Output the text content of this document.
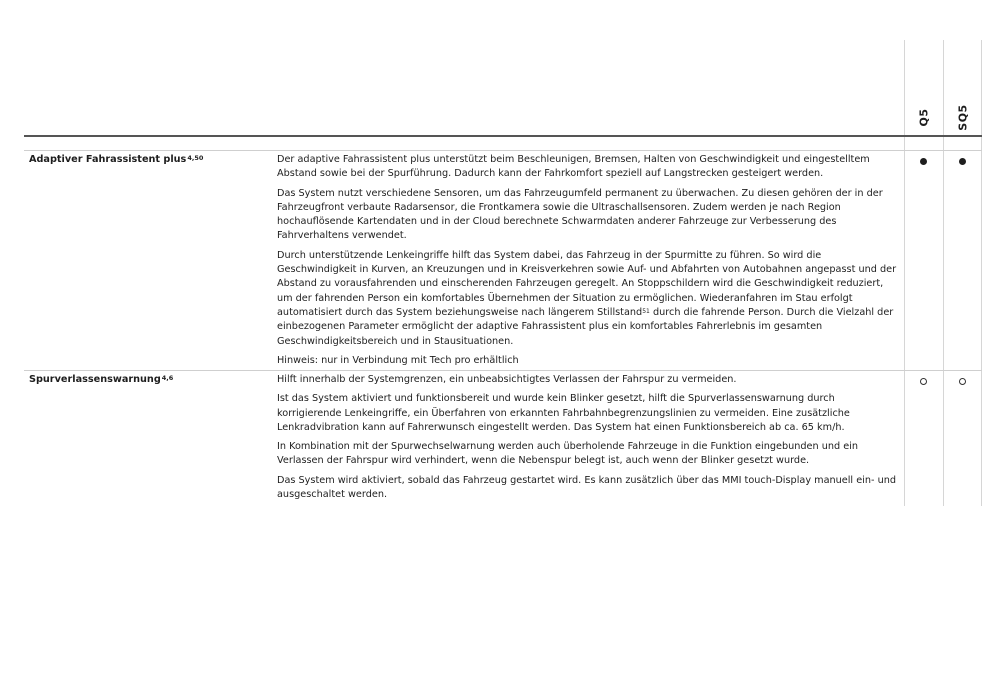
Q5 SQ5
Adaptiver Fahrassistent plus$^{4,50}$	Der adaptive Fahrassistent plus unterstützt beim Beschleunigen, Bremsen, Halten von Geschwindigkeit und eingestelltem Abstand sowie bei der Spurführung. Dadurch kann der Fahrkomfort speziell auf Langstrecken gesteigert werden.

Das System nutzt verschiedene Sensoren, um das Fahrzeugumfeld permanent zu überwachen. Zu diesen gehören der in der Fahrzeugfront verbaute Radarsensor, die Frontkamera sowie die Ultraschallsensoren. Zudem werden je nach Region hochauflösende Kartendaten und in der Cloud berechnete Schwarmdaten anderer Fahrzeuge zur Verbesserung des Fahrverhaltens verwendet.

Durch unterstützende Lenkeingriffe hilft das System dabei, das Fahrzeug in der Spurmitte zu führen. So wird die Geschwindigkeit in Kurven, an Kreuzungen und in Kreisverkehren sowie Auf- und Abfahrten von Autobahnen angepasst und der Abstand zu vorausfahrenden und einscherenden Fahrzeugen geregelt. An Stoppschildern wird die Geschwindigkeit reduziert, um der fahrenden Person ein komfortables Übernehmen der Situation zu ermöglichen. Wiederanfahren im Stau erfolgt automatisiert durch das System beziehungsweise nach längerem Stillstand$^{51}$ durch die fahrende Person. Durch die Vielzahl der einbezogenen Parameter ermöglicht der adaptive Fahrassistent plus ein komfortables Fahrerlebnis im gesamten Geschwindigkeitsbereich und in Stausituationen.

Hinweis: nur in Verbindung mit Tech pro erhältlich

Spurverlassenswarnung$^{4,6}$	Hilft innerhalb der Systemgrenzen, ein unbeabsichtigtes Verlassen der Fahrspur zu vermeiden.

Ist das System aktiviert und funktionsbereit und wurde kein Blinker gesetzt, hilft die Spurverlassenswarnung durch korrigierende Lenkeingriffe, ein Überfahren von erkannten Fahrbahnbegrenzungslinien zu vermeiden. Eine zusätzliche Lenkradvibration kann auf Fahrerwunsch eingestellt werden. Das System hat einen Funktionsbereich ab ca. 65 km/h.

In Kombination mit der Spurwechselwarnung werden auch überholende Fahrzeuge in die Funktion eingebunden und ein Verlassen der Fahrspur wird verhindert, wenn die Nebenspur belegt ist, auch wenn der Blinker gesetzt wurde.

Das System wird aktiviert, sobald das Fahrzeug gestartet wird. Es kann zusätzlich über das MMI touch-Display manuell ein- und ausgeschaltet werden.
